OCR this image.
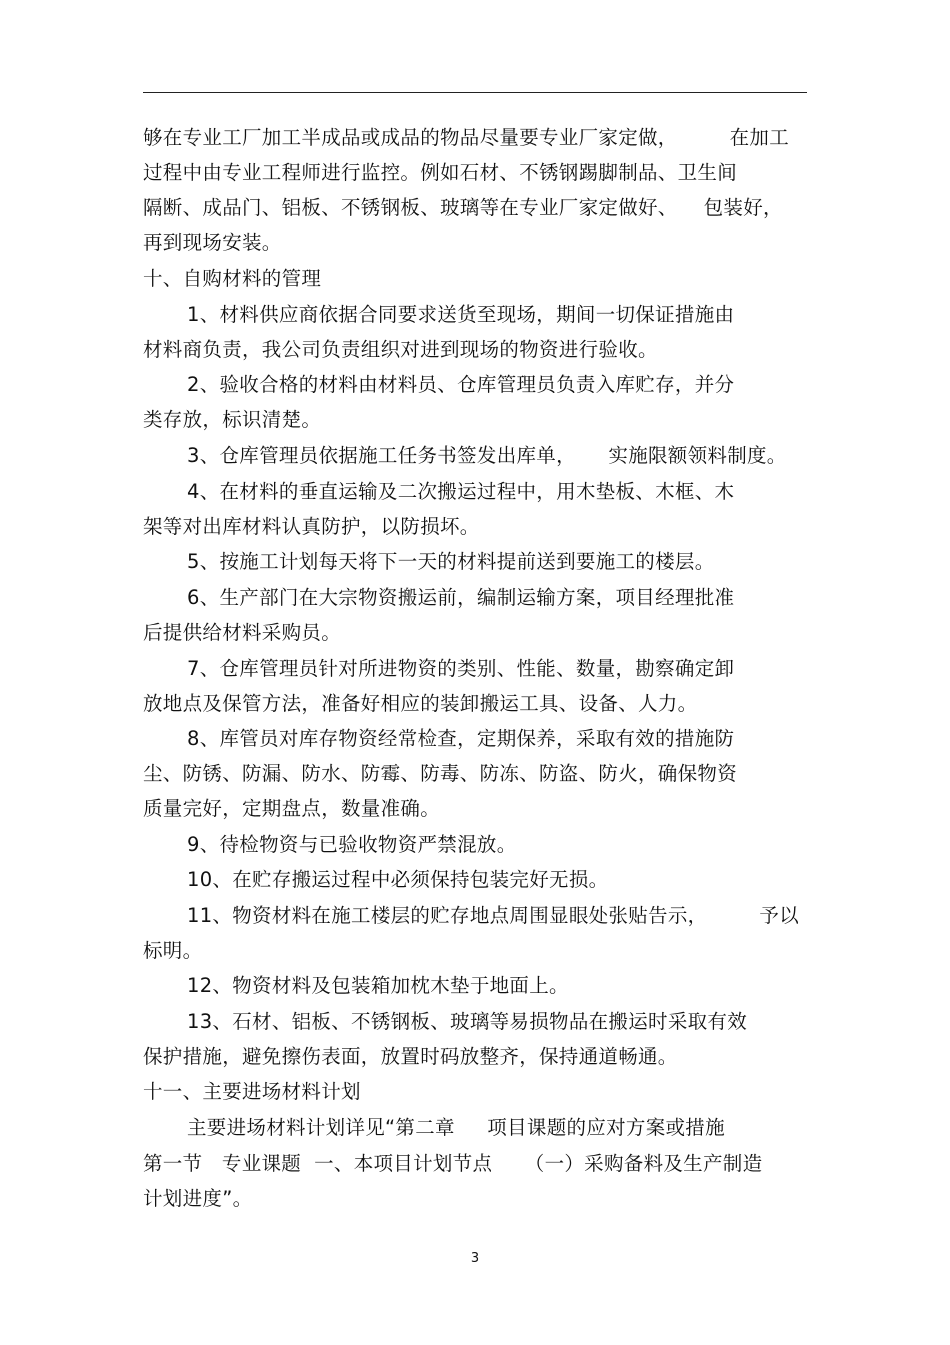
够在专业工厂加工半成品或成品的物品尽量要专业厂家定做，        在加工
过程中由专业工程师进行监控。例如石材、不锈钢踢脚制品、卫生间
隔断、成品门、铝板、不锈钢板、玻璃等在专业厂家定做好、    包装好，
再到现场安装。
十、自购材料的管理
1、材料供应商依据合同要求送货至现场，期间一切保证措施由
材料商负责，我公司负责组织对进到现场的物资进行验收。
2、验收合格的材料由材料员、仓库管理员负责入库贮存，并分
类存放，标识清楚。
3、仓库管理员依据施工任务书签发出库单，     实施限额领料制度。
4、在材料的垂直运输及二次搬运过程中，用木垫板、木框、木
架等对出库材料认真防护，以防损坏。
5、按施工计划每天将下一天的材料提前送到要施工的楼层。
6、生产部门在大宗物资搬运前，编制运输方案，项目经理批准
后提供给材料采购员。
7、仓库管理员针对所进物资的类别、性能、数量，勘察确定卸
放地点及保管方法，准备好相应的装卸搬运工具、设备、人力。
8、库管员对库存物资经常检查，定期保养，采取有效的措施防
尘、防锈、防漏、防水、防霉、防毒、防冻、防盗、防火，确保物资
质量完好，定期盘点，数量准确。
9、待检物资与已验收物资严禁混放。
10、在贮存搬运过程中必须保持包装完好无损。
11、物资材料在施工楼层的贮存地点周围显眼处张贴告示，        予以
标明。
12、物资材料及包装箱加枕木垫于地面上。
13、石材、铝板、不锈钢板、玻璃等易损物品在搬运时采取有效
保护措施，避免擦伤表面，放置时码放整齐，保持通道畅通。
十一、主要进场材料计划
主要进场材料计划详见“第二章     项目课题的应对方案或措施
第一节   专业课题  一、本项目计划节点     （一）采购备料及生产制造
计划进度”。
3
